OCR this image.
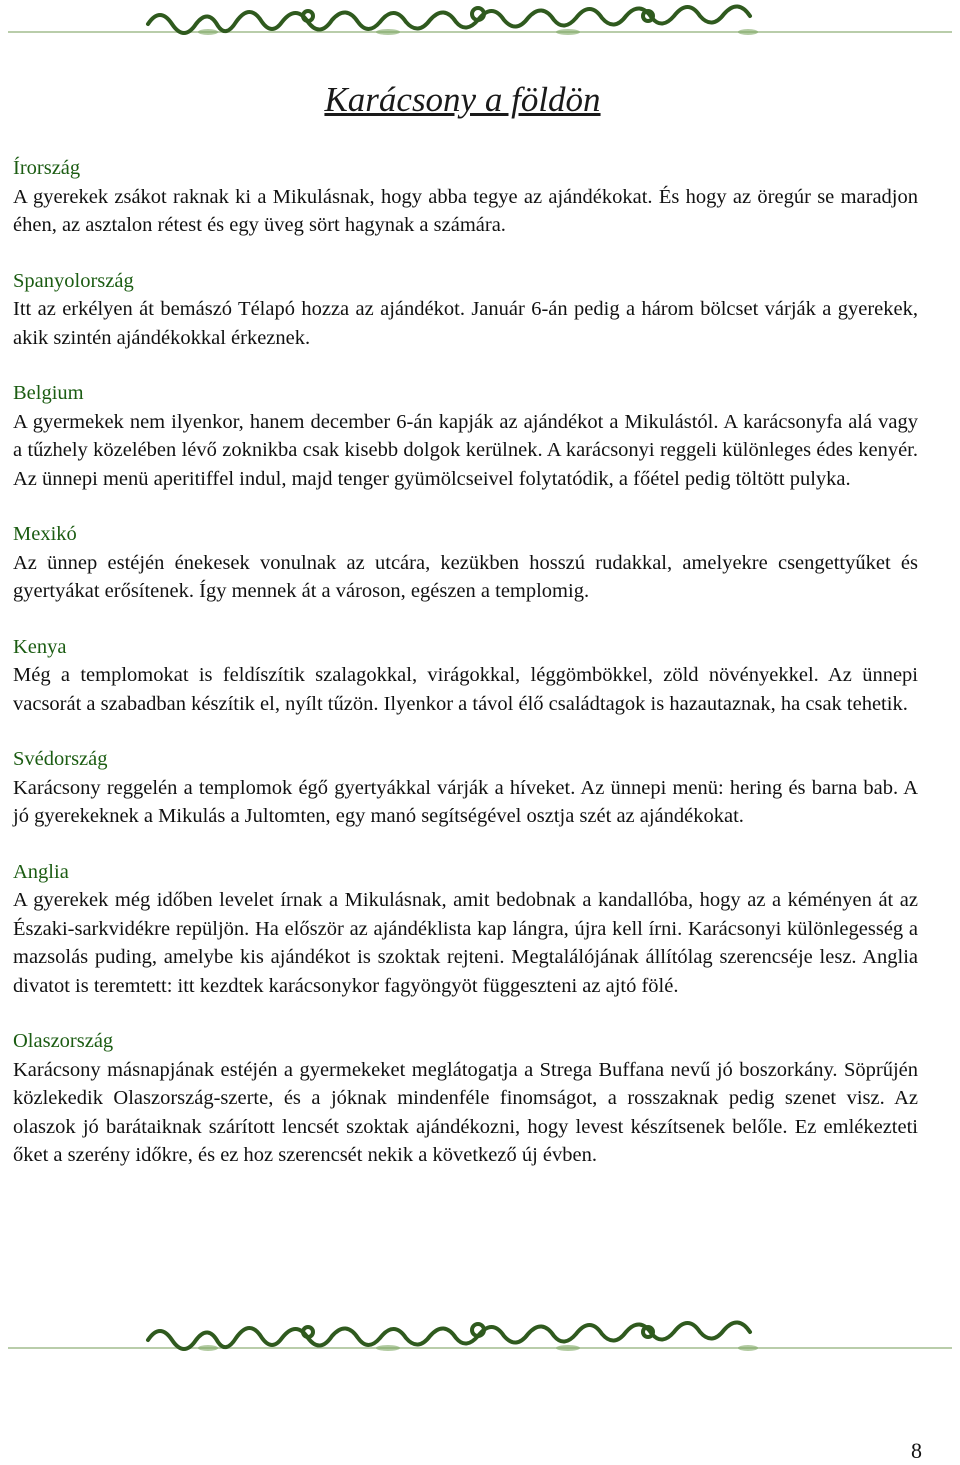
Karácsony a földön
Írország
A gyerekek zsákot raknak ki a Mikulásnak, hogy abba tegye az ajándékokat. És hogy az öregúr se maradjon éhen, az asztalon rétest és egy üveg sört hagynak a számára.
Spanyolország
Itt az erkélyen át bemászó Télapó hozza az ajándékot. Január 6-án pedig a három bölcset várják a gyerekek, akik szintén ajándékokkal érkeznek.
Belgium
A gyermekek nem ilyenkor, hanem december 6-án kapják az ajándékot a Mikulástól. A karácsonyfa alá vagy a tűzhely közelében lévő zoknikba csak kisebb dolgok kerülnek. A karácsonyi reggeli különleges édes kenyér. Az ünnepi menü aperitiffel indul, majd tenger gyümölcseivel folytatódik, a főétel pedig töltött pulyka.
Mexikó
Az ünnep estéjén énekesek vonulnak az utcára, kezükben hosszú rudakkal, amelyekre csengettyűket és gyertyákat erősítenek. Így mennek át a városon, egészen a templomig.
Kenya
Még a templomokat is feldíszítik szalagokkal, virágokkal, léggömbökkel, zöld növényekkel. Az ünnepi vacsorát a szabadban készítik el, nyílt tűzön. Ilyenkor a távol élő családtagok is hazautaznak, ha csak tehetik.
Svédország
Karácsony reggelén a templomok égő gyertyákkal várják a híveket. Az ünnepi menü: hering és barna bab. A jó gyerekeknek a Mikulás a Jultomten, egy manó segítségével osztja szét az ajándékokat.
Anglia
A gyerekek még időben levelet írnak a Mikulásnak, amit bedobnak a kandallóba, hogy az a kéményen át az Északi-sarkvidékre repüljön. Ha először az ajándéklista kap lángra, újra kell írni. Karácsonyi különlegesség a mazsolás puding, amelybe kis ajándékot is szoktak rejteni. Megtalálójának állítólag szerencséje lesz. Anglia divatot is teremtett: itt kezdtek karácsonykor fagyöngyöt függeszteni az ajtó fölé.
Olaszország
Karácsony másnapjának estéjén a gyermekeket meglátogatja a Strega Buffana nevű jó boszorkány. Söprűjén közlekedik Olaszország-szerte, és a jóknak mindenféle finomságot, a rosszaknak pedig szenet visz. Az olaszok jó barátaiknak szárított lencsét szoktak ajándékozni, hogy levest készítsenek belőle. Ez emlékezteti őket a szerény időkre, és ez hoz szerencsét nekik a következő új évben.
8
